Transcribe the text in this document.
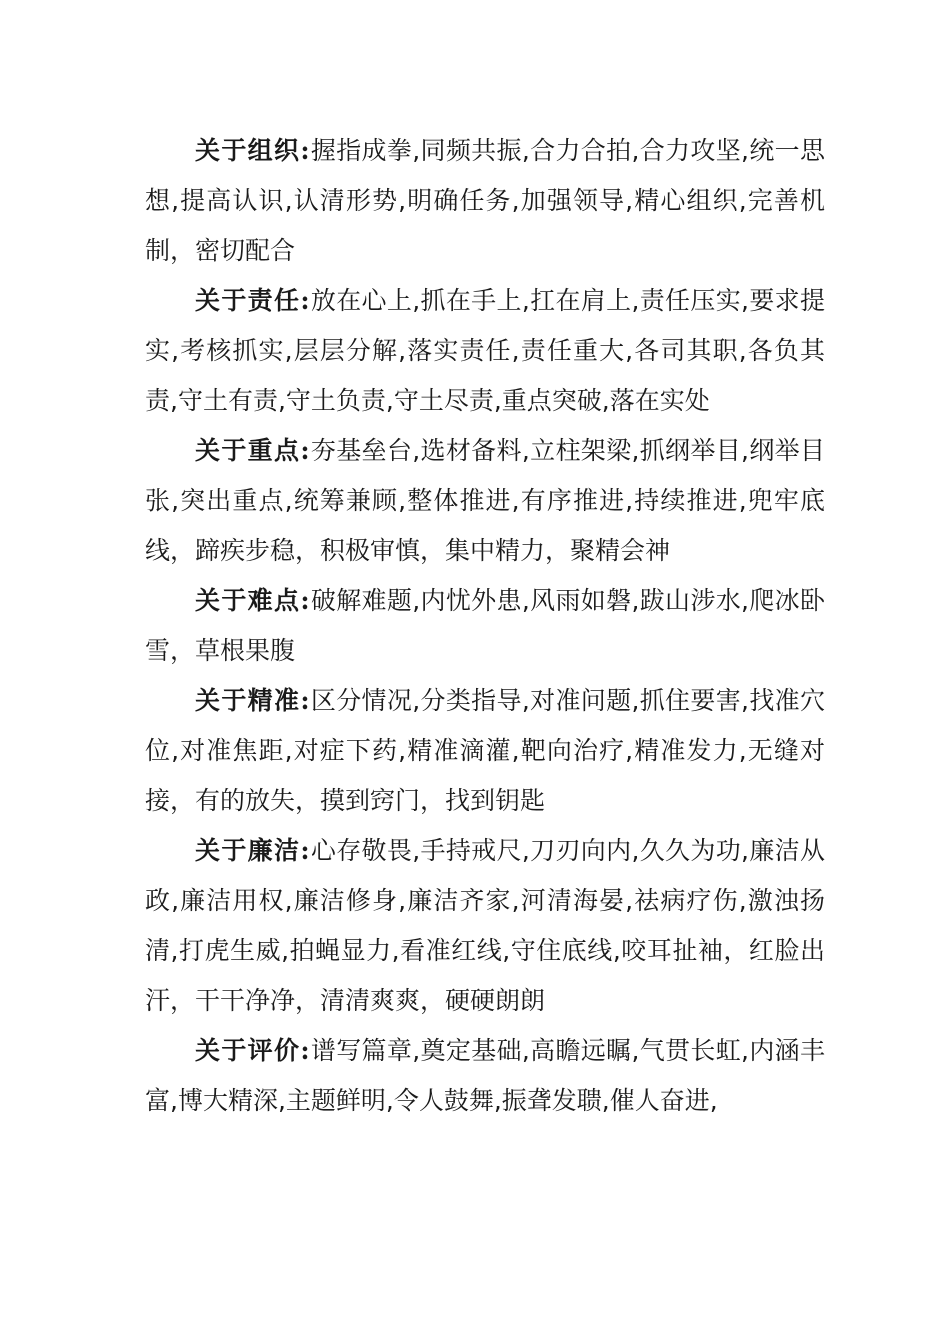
关于组织:握指成拳,同频共振,合力合拍,合力攻坚,统一思想,提高认识,认清形势,明确任务,加强领导,精心组织,完善机制，密切配合

关于责任:放在心上,抓在手上,扛在肩上,责任压实,要求提实,考核抓实,层层分解,落实责任,责任重大,各司其职,各负其责,守土有责,守土负责,守土尽责,重点突破,落在实处

关于重点:夯基垒台,选材备料,立柱架梁,抓纲举目,纲举目张,突出重点,统筹兼顾,整体推进,有序推进,持续推进,兜牢底线，蹄疾步稳，积极审慎，集中精力，聚精会神

关于难点:破解难题,内忧外患,风雨如磐,跋山涉水,爬冰卧雪，草根果腹

关于精准:区分情况,分类指导,对准问题,抓住要害,找准穴位,对准焦距,对症下药,精准滴灌,靶向治疗,精准发力,无缝对接，有的放失，摸到窍门，找到钥匙

关于廉洁:心存敬畏,手持戒尺,刀刃向内,久久为功,廉洁从政,廉洁用权,廉洁修身,廉洁齐家,河清海晏,祛病疗伤,激浊扬清,打虎生威,拍蝇显力,看准红线,守住底线,咬耳扯袖，红脸出汗，干干净净，清清爽爽，硬硬朗朗

关于评价:谱写篇章,奠定基础,高瞻远瞩,气贯长虹,内涵丰富,博大精深,主题鲜明,令人鼓舞,振聋发聩,催人奋进,
